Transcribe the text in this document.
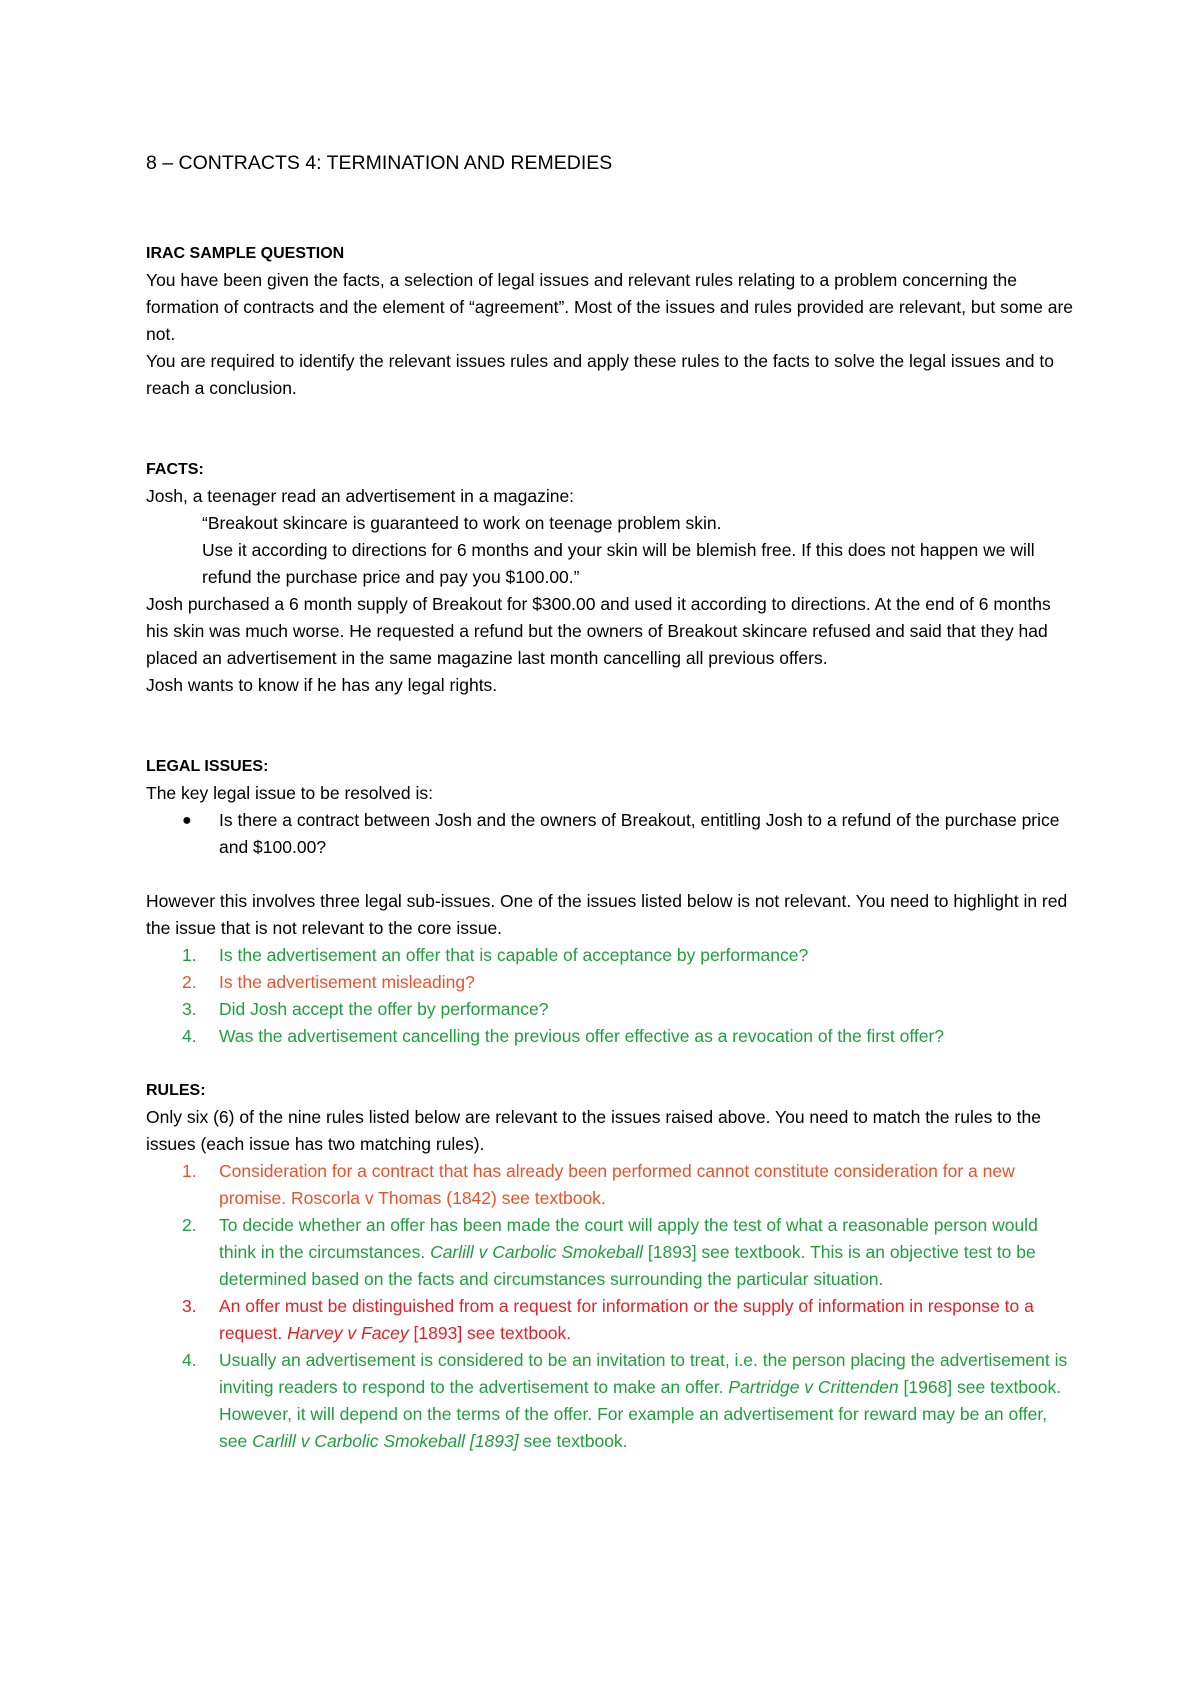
8 – CONTRACTS 4: TERMINATION AND REMEDIES

IRAC SAMPLE QUESTION

You have been given the facts, a selection of legal issues and relevant rules relating to a problem concerning the formation of contracts and the element of “agreement”. Most of the issues and rules provided are relevant, but some are not.

You are required to identify the relevant issues rules and apply these rules to the facts to solve the legal issues and to reach a conclusion.

FACTS:

Josh, a teenager read an advertisement in a magazine:

“Breakout skincare is guaranteed to work on teenage problem skin.

Use it according to directions for 6 months and your skin will be blemish free. If this does not happen we will refund the purchase price and pay you $100.00.”

Josh purchased a 6 month supply of Breakout for $300.00 and used it according to directions. At the end of 6 months his skin was much worse. He requested a refund but the owners of Breakout skincare refused and said that they had placed an advertisement in the same magazine last month cancelling all previous offers.

Josh wants to know if he has any legal rights.

LEGAL ISSUES:

The key legal issue to be resolved is:

● Is there a contract between Josh and the owners of Breakout, entitling Josh to a refund of the purchase price and $100.00?

However this involves three legal sub-issues. One of the issues listed below is not relevant. You need to highlight in red the issue that is not relevant to the core issue.

1. Is the advertisement an offer that is capable of acceptance by performance?
2. Is the advertisement misleading?
3. Did Josh accept the offer by performance?
4. Was the advertisement cancelling the previous offer effective as a revocation of the first offer?

RULES:

Only six (6) of the nine rules listed below are relevant to the issues raised above. You need to match the rules to the issues (each issue has two matching rules).

1. Consideration for a contract that has already been performed cannot constitute consideration for a new promise. Roscorla v Thomas (1842) see textbook.
2. To decide whether an offer has been made the court will apply the test of what a reasonable person would think in the circumstances. Carlill v Carbolic Smokeball [1893] see textbook. This is an objective test to be determined based on the facts and circumstances surrounding the particular situation.
3. An offer must be distinguished from a request for information or the supply of information in response to a request. Harvey v Facey [1893] see textbook.
4. Usually an advertisement is considered to be an invitation to treat, i.e. the person placing the advertisement is inviting readers to respond to the advertisement to make an offer. Partridge v Crittenden [1968] see textbook. However, it will depend on the terms of the offer. For example an advertisement for reward may be an offer, see Carlill v Carbolic Smokeball [1893] see textbook.
